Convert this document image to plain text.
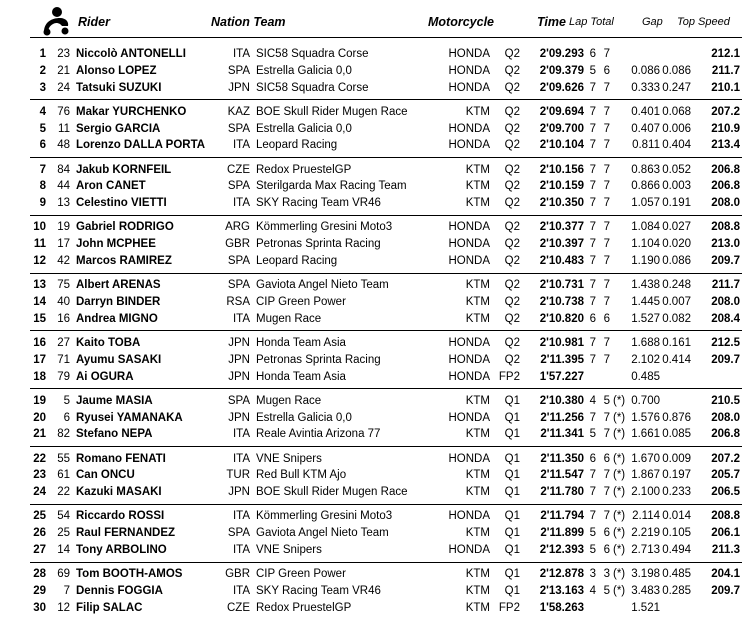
Rider	Nation Team	Motorcycle	Time Lap Total	Gap Top Speed
1 23 Niccolò ANTONELLI	ITA SIC58 Squadra Corse	HONDA	Q2	2'09.293 6 7	212.1
2 21 Alonso LOPEZ	SPA Estrella Galicia 0,0	HONDA	Q2	2'09.379 5 6 0.086 0.086	211.7
3 24 Tatsuki SUZUKI	JPN SIC58 Squadra Corse	HONDA	Q2	2'09.626 7 7 0.333 0.247	210.1
4 76 Makar YURCHENKO	KAZ BOE Skull Rider Mugen Race	KTM	Q2	2'09.694 7 7 0.401 0.068	207.2
5	11 Sergio GARCIA	SPA Estrella Galicia 0,0	HONDA	Q2	2'09.700 7 7 0.407 0.006	210.9
6 48 Lorenzo DALLA PORTA	ITA Leopard Racing	HONDA	Q2	2'10.104 7 7	0.811 0.404	213.4
7 84 Jakub KORNFEIL	CZE Redox PruestelGP	KTM	Q2	2'10.156 7 7 0.863 0.052	206.8
8 44 Aron CANET	SPA Sterilgarda Max Racing Team	KTM	Q2	2'10.159 7 7 0.866 0.003	206.8
9 13 Celestino VIETTI	ITA SKY Racing Team VR46	KTM	Q2	2'10.350 7 7 1.057 0.191	208.0
10 19 Gabriel RODRIGO	ARG Kömmerling Gresini Moto3	HONDA	Q2	2'10.377 7 7 1.084 0.027	208.8
11 17 John MCPHEE	GBR Petronas Sprinta Racing	HONDA	Q2	2'10.397 7 7 1.104 0.020	213.0
12 42 Marcos RAMIREZ	SPA Leopard Racing	HONDA	Q2	2'10.483 7 7 1.190 0.086	209.7
13 75 Albert ARENAS	SPA Gaviota Angel Nieto Team	KTM	Q2	2'10.731 7 7 1.438 0.248	211.7
14 40 Darryn BINDER	RSA CIP Green Power	KTM	Q2	2'10.738 7 7 1.445 0.007	208.0
15 16 Andrea MIGNO	ITA Mugen Race	KTM	Q2	2'10.820 6 6 1.527 0.082	208.4
16 27 Kaito TOBA	JPN Honda Team Asia	HONDA	Q2	2'10.981 7 7 1.688 0.161	212.5
17 71 Ayumu SASAKI	JPN Petronas Sprinta Racing	HONDA	Q2	2'11.395 7 7 2.102 0.414	209.7
18 79 Ai OGURA	JPN Honda Team Asia	HONDA FP2	1'57.227	0.485
19	5 Jaume MASIA	SPA Mugen Race	KTM	Q1	2'10.380 4 5 (*) 0.700	210.5
20	6 Ryusei YAMANAKA	JPN Estrella Galicia 0,0	HONDA	Q1	2'11.256 7 7 (*) 1.576 0.876	208.0
21 82 Stefano NEPA	ITA Reale Avintia Arizona 77	KTM	Q1	2'11.341 5 7 (*) 1.661 0.085	206.8
22 55 Romano FENATI	ITA VNE Snipers	HONDA	Q1	2'11.350 6 6 (*) 1.670 0.009	207.2
23 61 Can ONCU	TUR Red Bull KTM Ajo	KTM	Q1	2'11.547 7 7 (*) 1.867 0.197	205.7
24 22 Kazuki MASAKI	JPN BOE Skull Rider Mugen Race	KTM	Q1	2'11.780 7 7 (*) 2.100 0.233	206.5
25 54 Riccardo ROSSI	ITA Kömmerling Gresini Moto3	HONDA	Q1	2'11.794 7 7 (*) 2.114 0.014	208.8
26 25 Raul FERNANDEZ	SPA Gaviota Angel Nieto Team	KTM	Q1	2'11.899 5 6 (*) 2.219 0.105	206.1
27 14 Tony ARBOLINO	ITA VNE Snipers	HONDA	Q1	2'12.393 5 6 (*) 2.713 0.494	211.3
28 69 Tom BOOTH-AMOS	GBR CIP Green Power	KTM	Q1	2'12.878 3 3 (*) 3.198 0.485	204.1
29	7 Dennis FOGGIA	ITA SKY Racing Team VR46	KTM	Q1	2'13.163 4 5 (*) 3.483 0.285	209.7
30 12 Filip SALAC	CZE Redox PruestelGP	KTM FP2	1'58.263	1.521
